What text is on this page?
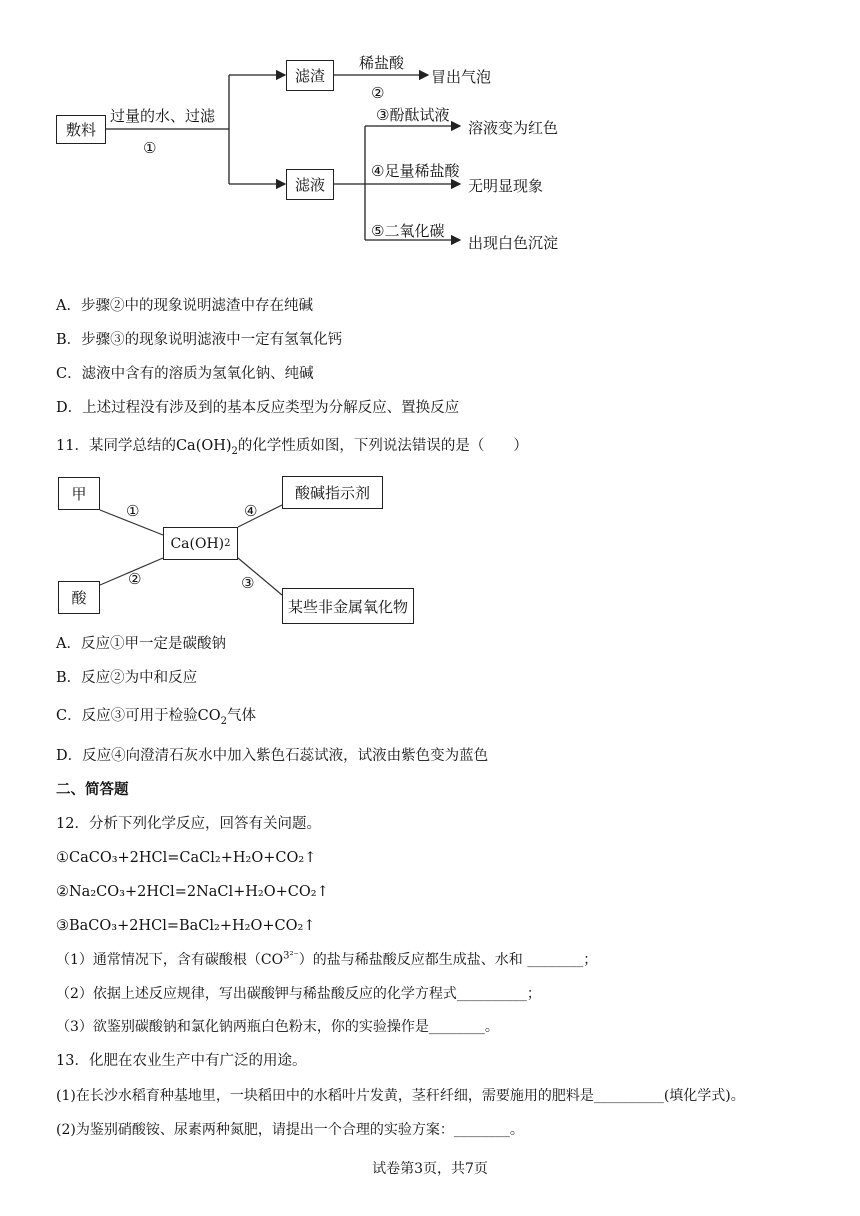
敷料
滤渣
滤液
过量的水、过滤
①
稀盐酸
②
冒出气泡
③酚酞试液
溶液变为红色
④足量稀盐酸
无明显现象
⑤二氧化碳
出现白色沉淀
A．步骤②中的现象说明滤渣中存在纯碱
B．步骤③的现象说明滤液中一定有氢氧化钙
C．滤液中含有的溶质为氢氧化钠、纯碱
D．上述过程没有涉及到的基本反应类型为分解反应、置换反应
11．某同学总结的$Ca(OH)_2$的化学性质如图，下列说法错误的是（　　）
甲
酸
Ca(OH) 2
酸碱指示剂
某些非金属氧化物
①
②	③
④
A．反应①甲一定是碳酸钠
B．反应②为中和反应
C．反应③可用于检验$CO_2$气体
D．反应④向澄清石灰水中加入紫色石蕊试液，试液由紫色变为蓝色
二、简答题
12．分析下列化学反应，回答有关问题。
①CaCO₃+2HCl=CaCl₂+H₂O+CO₂↑
②Na₂CO₃+2HCl=2NaCl+H₂O+CO₂↑
③BaCO₃+2HCl=BaCl₂+H₂O+CO₂↑
（1）通常情况下，含有碳酸根$(CO^{3^{2-}})$的盐与稀盐酸反应都生成盐、水和 ________；
（2）依据上述反应规律，写出碳酸钾与稀盐酸反应的化学方程式__________；
（3）欲鉴别碳酸钠和氯化钠两瓶白色粉末，你的实验操作是________。
13．化肥在农业生产中有广泛的用途。
(1)在长沙水稻育种基地里，一块稻田中的水稻叶片发黄，茎秆纤细，需要施用的肥料是__________(填化学式)。
(2)为鉴别硝酸铵、尿素两种氮肥，请提出一个合理的实验方案：________。
试卷第3页，共7页
